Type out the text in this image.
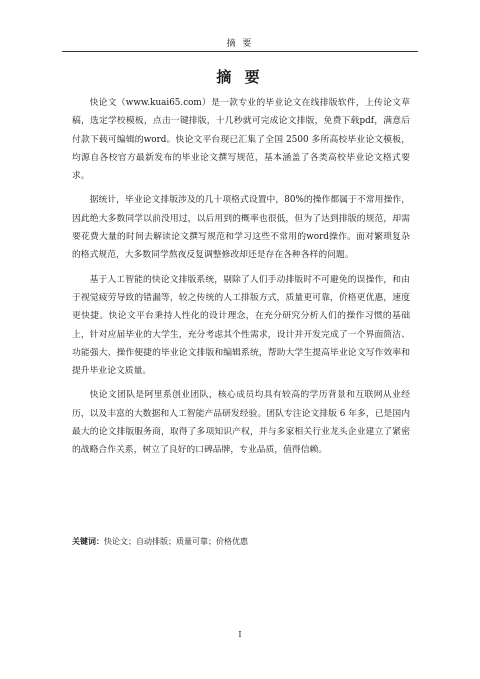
摘 要
摘 要

快论文（www.kuai65.com）是一款专业的毕业论文在线排版软件，上传论文草稿，选定学校模板，点击一键排版，十几秒就可完成论文排版，免费下载pdf，满意后付款下载可编辑的word。快论文平台现已汇集了全国 2500 多所高校毕业论文模板，均源自各校官方最新发布的毕业论文撰写规范，基本涵盖了各类高校毕业论文格式要求。

据统计，毕业论文排版涉及的几十项格式设置中，80%的操作都属于不常用操作，因此绝大多数同学以前没用过，以后用到的概率也很低，但为了达到排版的规范，却需要花费大量的时间去解读论文撰写规范和学习这些不常用的word操作。面对繁琐复杂的格式规范，大多数同学熬夜反复调整修改却还是存在各种各样的问题。

基于人工智能的快论文排版系统，剔除了人们手动排版时不可避免的误操作，和由于视觉疲劳导致的错漏等，较之传统的人工排版方式，质量更可靠，价格更优惠，速度更快捷。快论文平台秉持人性化的设计理念，在充分研究分析人们的操作习惯的基础上，针对应届毕业的大学生，充分考虑其个性需求，设计并开发完成了一个界面简洁、功能强大、操作便捷的毕业论文排版和编辑系统，帮助大学生提高毕业论文写作效率和提升毕业论文质量。

快论文团队是阿里系创业团队，核心成员均具有较高的学历背景和互联网从业经历，以及丰富的大数据和人工智能产品研发经验。团队专注论文排版 6 年多，已是国内最大的论文排版服务商，取得了多项知识产权，并与多家相关行业龙头企业建立了紧密的战略合作关系，树立了良好的口碑品牌，专业品质，值得信赖。

关键词：快论文；自动排版；质量可靠；价格优惠
I
